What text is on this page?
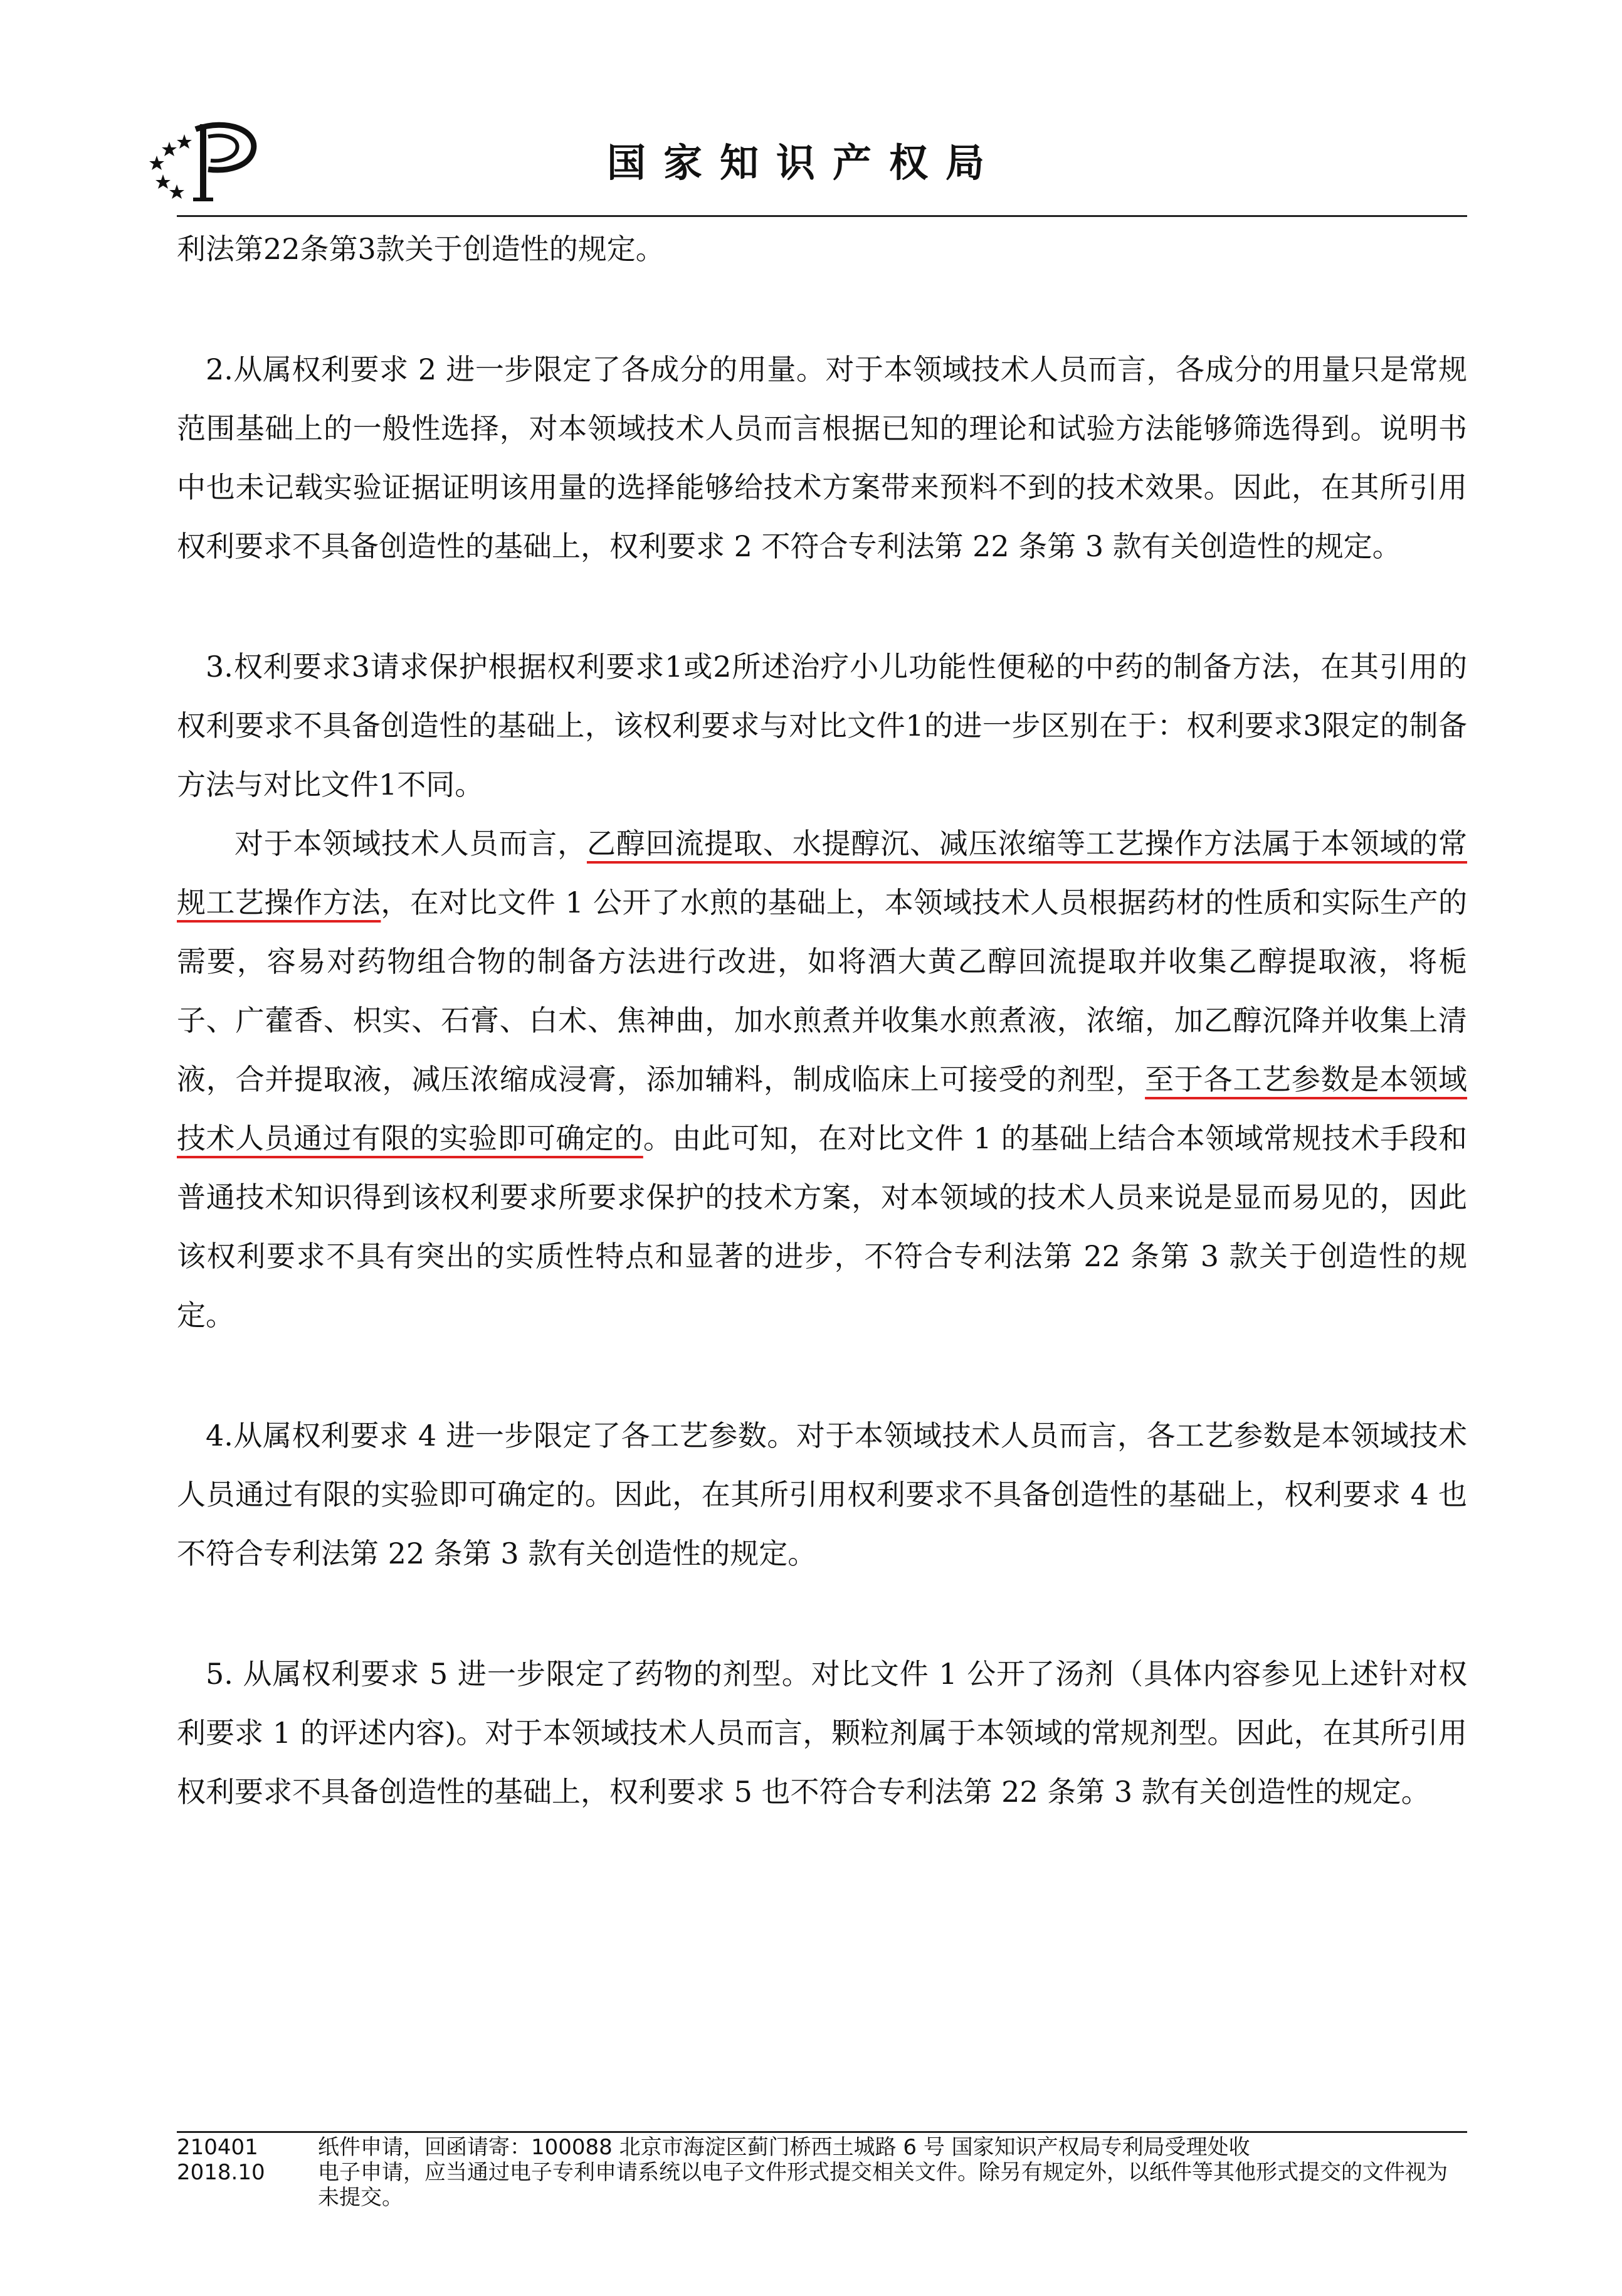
国家知识产权局

利法第22条第3款关于创造性的规定。

2.从属权利要求 2 进一步限定了各成分的用量。对于本领域技术人员而言，各成分的用量只是常规范围基础上的一般性选择，对本领域技术人员而言根据已知的理论和试验方法能够筛选得到。说明书中也未记载实验证据证明该用量的选择能够给技术方案带来预料不到的技术效果。因此，在其所引用权利要求不具备创造性的基础上，权利要求 2 不符合专利法第 22 条第 3 款有关创造性的规定。

3.权利要求3请求保护根据权利要求1或2所述治疗小儿功能性便秘的中药的制备方法，在其引用的权利要求不具备创造性的基础上，该权利要求与对比文件1的进一步区别在于：权利要求3限定的制备方法与对比文件1不同。

对于本领域技术人员而言，乙醇回流提取、水提醇沉、减压浓缩等工艺操作方法属于本领域的常规工艺操作方法，在对比文件 1 公开了水煎的基础上，本领域技术人员根据药材的性质和实际生产的需要，容易对药物组合物的制备方法进行改进，如将酒大黄乙醇回流提取并收集乙醇提取液，将栀子、广藿香、枳实、石膏、白术、焦神曲，加水煎煮并收集水煎煮液，浓缩，加乙醇沉降并收集上清液，合并提取液，减压浓缩成浸膏，添加辅料，制成临床上可接受的剂型，至于各工艺参数是本领域技术人员通过有限的实验即可确定的。由此可知，在对比文件 1 的基础上结合本领域常规技术手段和普通技术知识得到该权利要求所要求保护的技术方案，对本领域的技术人员来说是显而易见的，因此该权利要求不具有突出的实质性特点和显著的进步，不符合专利法第 22 条第 3 款关于创造性的规定。

4.从属权利要求 4 进一步限定了各工艺参数。对于本领域技术人员而言，各工艺参数是本领域技术人员通过有限的实验即可确定的。因此，在其所引用权利要求不具备创造性的基础上，权利要求 4 也不符合专利法第 22 条第 3 款有关创造性的规定。

5. 从属权利要求 5 进一步限定了药物的剂型。对比文件 1 公开了汤剂（具体内容参见上述针对权利要求 1 的评述内容)。对于本领域技术人员而言，颗粒剂属于本领域的常规剂型。因此，在其所引用权利要求不具备创造性的基础上，权利要求 5 也不符合专利法第 22 条第 3 款有关创造性的规定。

210401	纸件申请，回函请寄：100088 北京市海淀区蓟门桥西土城路 6 号 国家知识产权局专利局受理处收
2018.10	电子申请，应当通过电子专利申请系统以电子文件形式提交相关文件。除另有规定外，以纸件等其他形式提交的文件视为未提交。
